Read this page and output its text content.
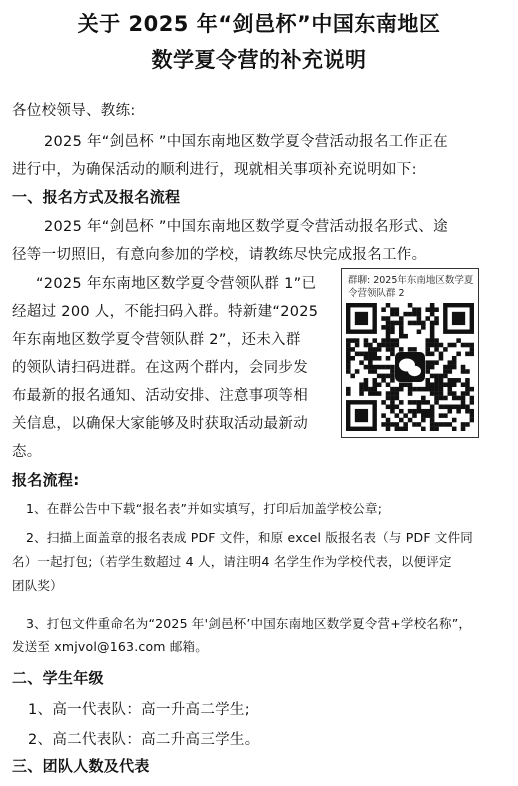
关于 2025 年“剑邑杯”中国东南地区
数学夏令营的补充说明
各位校领导、教练:
2025 年“剑邑杯 ”中国东南地区数学夏令营活动报名工作正在
进行中，为确保活动的顺利进行，现就相关事项补充说明如下:
一、报名方式及报名流程
2025 年“剑邑杯 ”中国东南地区数学夏令营活动报名形式、途
径等一切照旧，有意向参加的学校，请教练尽快完成报名工作。
“2025 年东南地区数学夏令营领队群 1”已
经超过 200 人，不能扫码入群。特新建“2025
年东南地区数学夏令营领队群 2”，还未入群
的领队请扫码进群。在这两个群内，会同步发
布最新的报名通知、活动安排、注意事项等相
关信息，以确保大家能够及时获取活动最新动
态。
群聊: 2025年东南地区数学夏令营领队群 2
报名流程:
1、在群公告中下载“报名表”并如实填写，打印后加盖学校公章;
2、扫描上面盖章的报名表成 PDF 文件，和原 excel 版报名表（与 PDF 文件同
名）一起打包;（若学生数超过 4 人，请注明4 名学生作为学校代表，以便评定
团队奖）
3、打包文件重命名为“2025 年'剑邑杯’中国东南地区数学夏令营+学校名称”，
发送至 xmjvol@163.com 邮箱。
二、学生年级
1、高一代表队：高一升高二学生;
2、高二代表队：高二升高三学生。
三、团队人数及代表
